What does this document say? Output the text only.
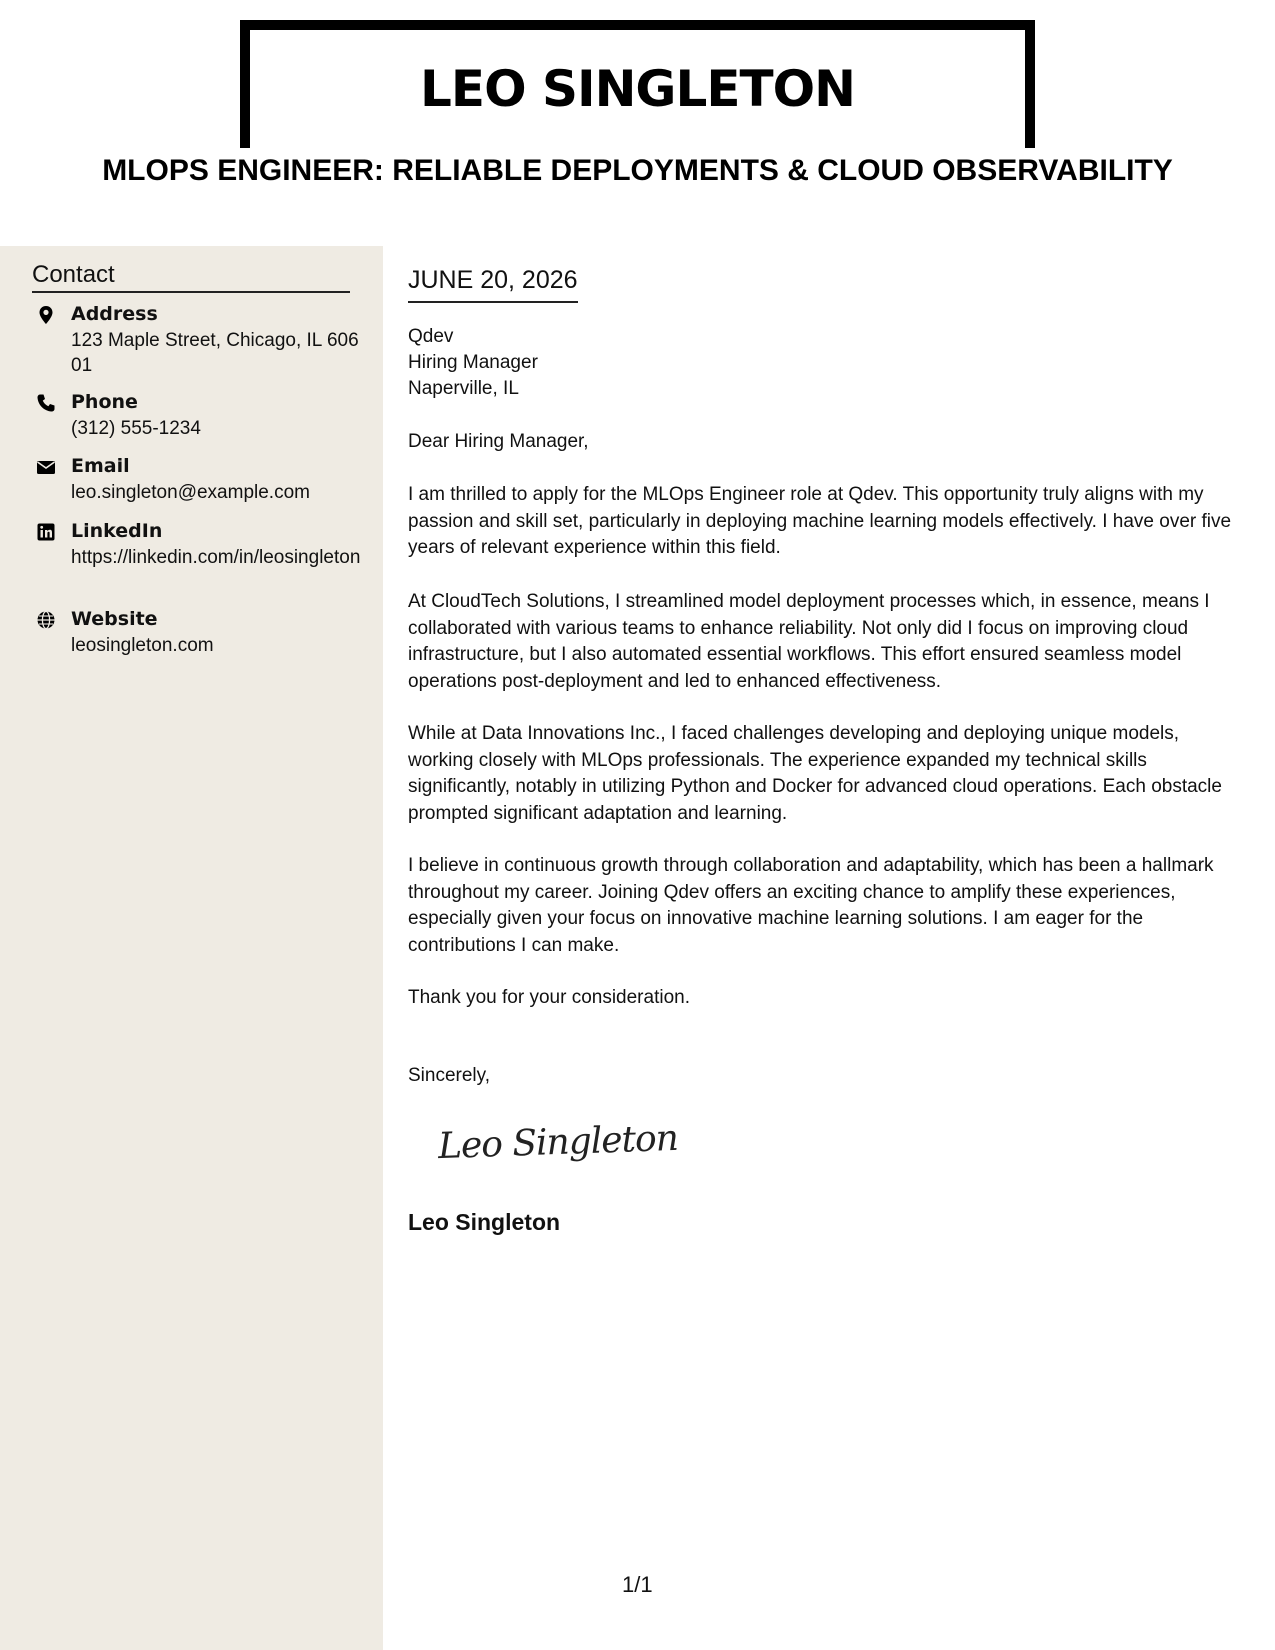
LEO SINGLETON
MLOPS ENGINEER: RELIABLE DEPLOYMENTS & CLOUD OBSERVABILITY
Contact
Address
123 Maple Street, Chicago, IL 60601
Phone
(312) 555-1234
Email
leo.singleton@example.com
LinkedIn
https://linkedin.com/in/leosingleton
Website
leosingleton.com
JUNE 20, 2026
Qdev
Hiring Manager
Naperville, IL
Dear Hiring Manager,
I am thrilled to apply for the MLOps Engineer role at Qdev. This opportunity truly aligns with my passion and skill set, particularly in deploying machine learning models effectively. I have over five years of relevant experience within this field.
At CloudTech Solutions, I streamlined model deployment processes which, in essence, means I collaborated with various teams to enhance reliability. Not only did I focus on improving cloud infrastructure, but I also automated essential workflows. This effort ensured seamless model operations post-deployment and led to enhanced effectiveness.
While at Data Innovations Inc., I faced challenges developing and deploying unique models, working closely with MLOps professionals. The experience expanded my technical skills significantly, notably in utilizing Python and Docker for advanced cloud operations. Each obstacle prompted significant adaptation and learning.
I believe in continuous growth through collaboration and adaptability, which has been a hallmark throughout my career. Joining Qdev offers an exciting chance to amplify these experiences, especially given your focus on innovative machine learning solutions. I am eager for the contributions I can make.
Thank you for your consideration.
Sincerely,
Leo Singleton
Leo Singleton
1/1
